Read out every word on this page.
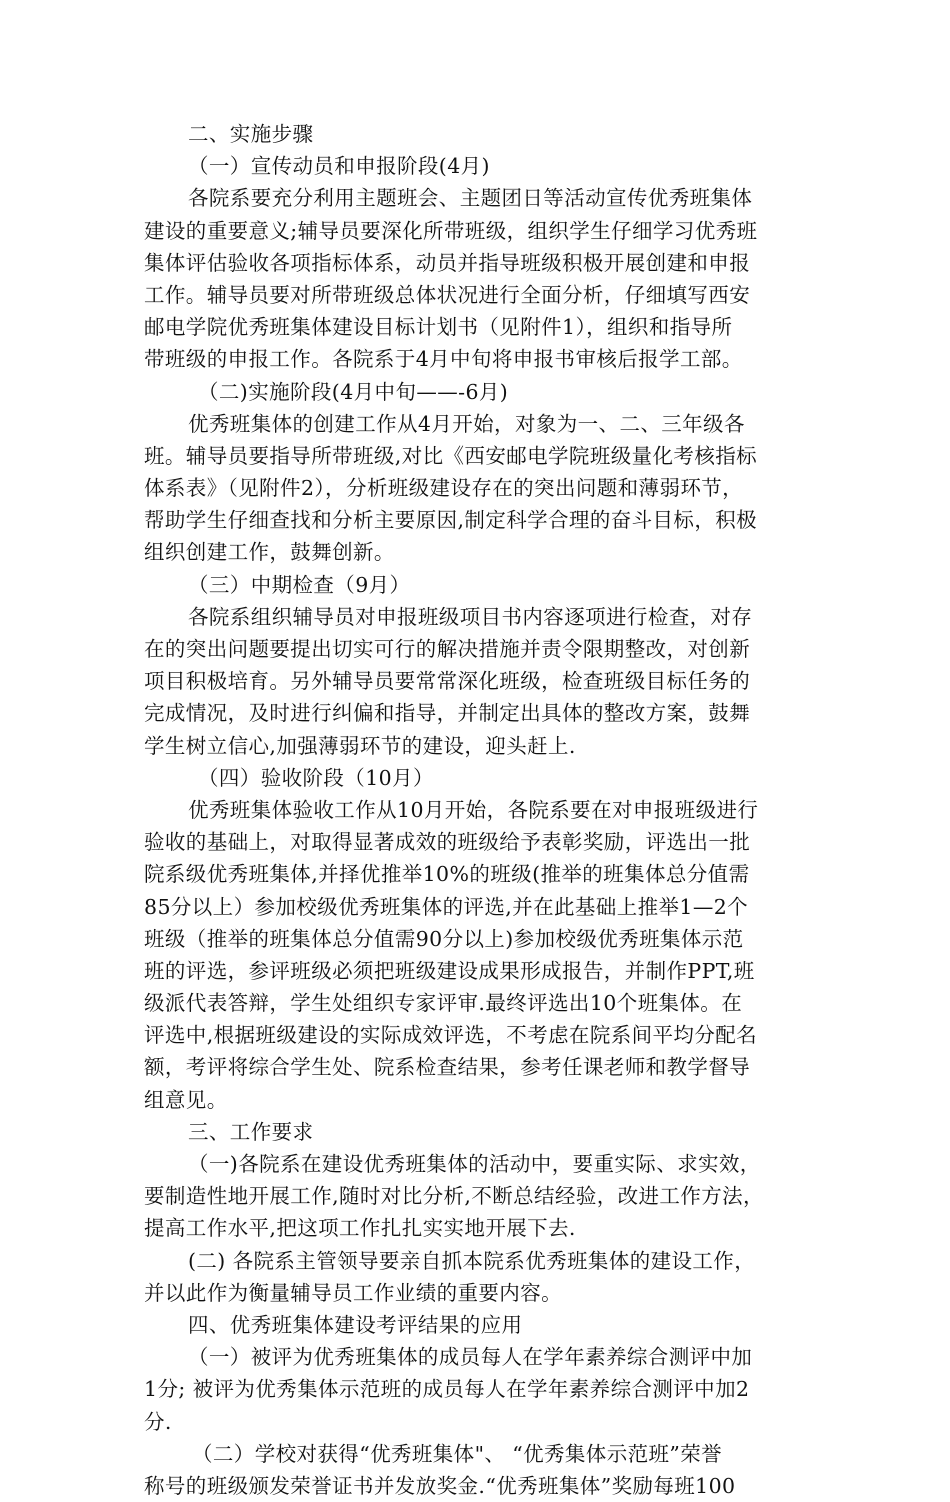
二、实施步骤
（一）宣传动员和申报阶段(4月)
各院系要充分利用主题班会、主题团日等活动宣传优秀班集体
建设的重要意义;辅导员要深化所带班级，组织学生仔细学习优秀班
集体评估验收各项指标体系，动员并指导班级积极开展创建和申报
工作。辅导员要对所带班级总体状况进行全面分析，仔细填写西安
邮电学院优秀班集体建设目标计划书（见附件1），组织和指导所
带班级的申报工作。各院系于4月中旬将申报书审核后报学工部。
（二)实施阶段(4月中旬——-6月)
优秀班集体的创建工作从4月开始，对象为一、二、三年级各
班。辅导员要指导所带班级,对比《西安邮电学院班级量化考核指标
体系表》（见附件2），分析班级建设存在的突出问题和薄弱环节，
帮助学生仔细查找和分析主要原因,制定科学合理的奋斗目标，积极
组织创建工作，鼓舞创新。
（三）中期检查（9月）
各院系组织辅导员对申报班级项目书内容逐项进行检查，对存
在的突出问题要提出切实可行的解决措施并责令限期整改，对创新
项目积极培育。另外辅导员要常常深化班级，检查班级目标任务的
完成情况，及时进行纠偏和指导，并制定出具体的整改方案，鼓舞
学生树立信心,加强薄弱环节的建设，迎头赶上.
（四）验收阶段（10月）
优秀班集体验收工作从10月开始，各院系要在对申报班级进行
验收的基础上，对取得显著成效的班级给予表彰奖励，评选出一批
院系级优秀班集体,并择优推举10%的班级(推举的班集体总分值需
85分以上）参加校级优秀班集体的评选,并在此基础上推举1—2个
班级（推举的班集体总分值需90分以上)参加校级优秀班集体示范
班的评选，参评班级必须把班级建设成果形成报告，并制作PPT,班
级派代表答辩，学生处组织专家评审.最终评选出10个班集体。在
评选中,根据班级建设的实际成效评选，不考虑在院系间平均分配名
额，考评将综合学生处、院系检查结果，参考任课老师和教学督导
组意见。
三、工作要求
（一)各院系在建设优秀班集体的活动中，要重实际、求实效，
要制造性地开展工作,随时对比分析,不断总结经验，改进工作方法，
提高工作水平,把这项工作扎扎实实地开展下去.
(二) 各院系主管领导要亲自抓本院系优秀班集体的建设工作，
并以此作为衡量辅导员工作业绩的重要内容。
四、优秀班集体建设考评结果的应用
（一）被评为优秀班集体的成员每人在学年素养综合测评中加
1分; 被评为优秀集体示范班的成员每人在学年素养综合测评中加2
分.
（二）学校对获得“优秀班集体"、 “优秀集体示范班”荣誉
称号的班级颁发荣誉证书并发放奖金.“优秀班集体”奖励每班100
